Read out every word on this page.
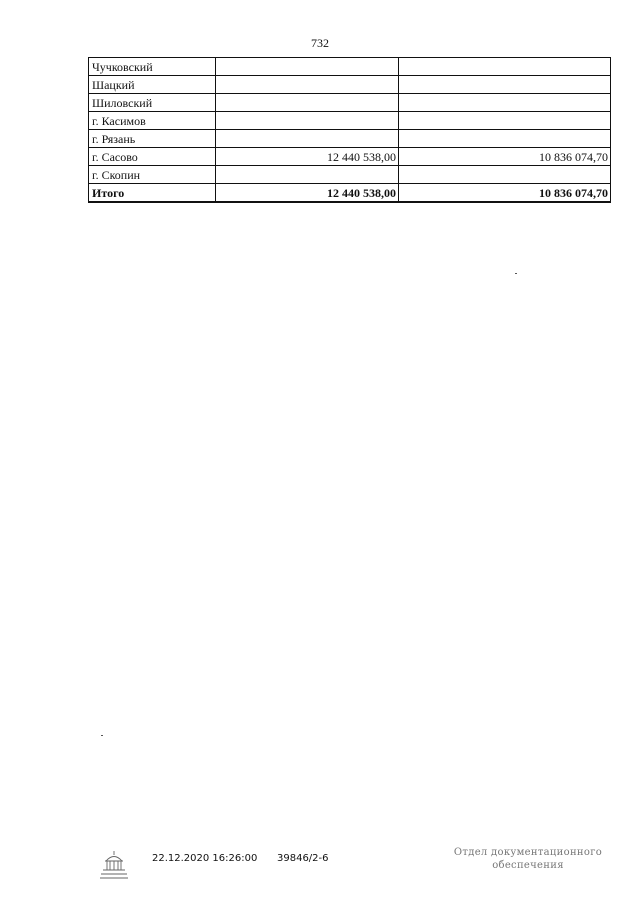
732
Чучковский		
Шацкий		
Шиловский		
г. Касимов		
г. Рязань		
г. Сасово	12 440 538,00	10 836 074,70
г. Скопин		
Итого	12 440 538,00	10 836 074,70
22.12.2020 16:26:00 39846/2-6
Отдел документационного
обеспечения
